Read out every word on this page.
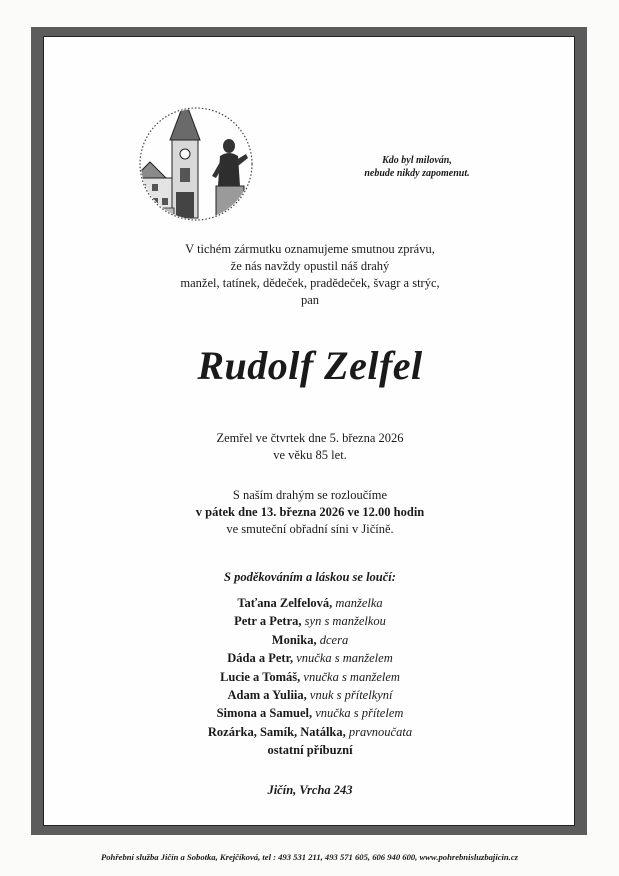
Kdo byl milován,
nebude nikdy zapomenut.
V tichém zármutku oznamujeme smutnou zprávu,
že nás navždy opustil náš drahý
manžel, tatínek, dědeček, pradědeček, švagr a strýc,
pan
Rudolf Zelfel
Zemřel ve čtvrtek dne 5. března 2026
ve věku 85 let.
S naším drahým se rozloučíme
v pátek dne 13. března 2026 ve 12.00 hodin
ve smuteční obřadní síni v Jičíně.
S poděkováním a láskou se loučí:
Taťana Zelfelová, manželka
Petr a Petra, syn s manželkou
Monika, dcera
Dáda a Petr, vnučka s manželem
Lucie a Tomáš, vnučka s manželem
Adam a Yuliia, vnuk s přítelkyní
Simona a Samuel, vnučka s přítelem
Rozárka, Samík, Natálka, pravnoučata
ostatní příbuzní
Jičín, Vrcha 243
Pohřební služba Jičín a Sobotka, Krejčíková, tel : 493 531 211, 493 571 605, 606 940 600, www.pohrebnisluzbajicin.cz
